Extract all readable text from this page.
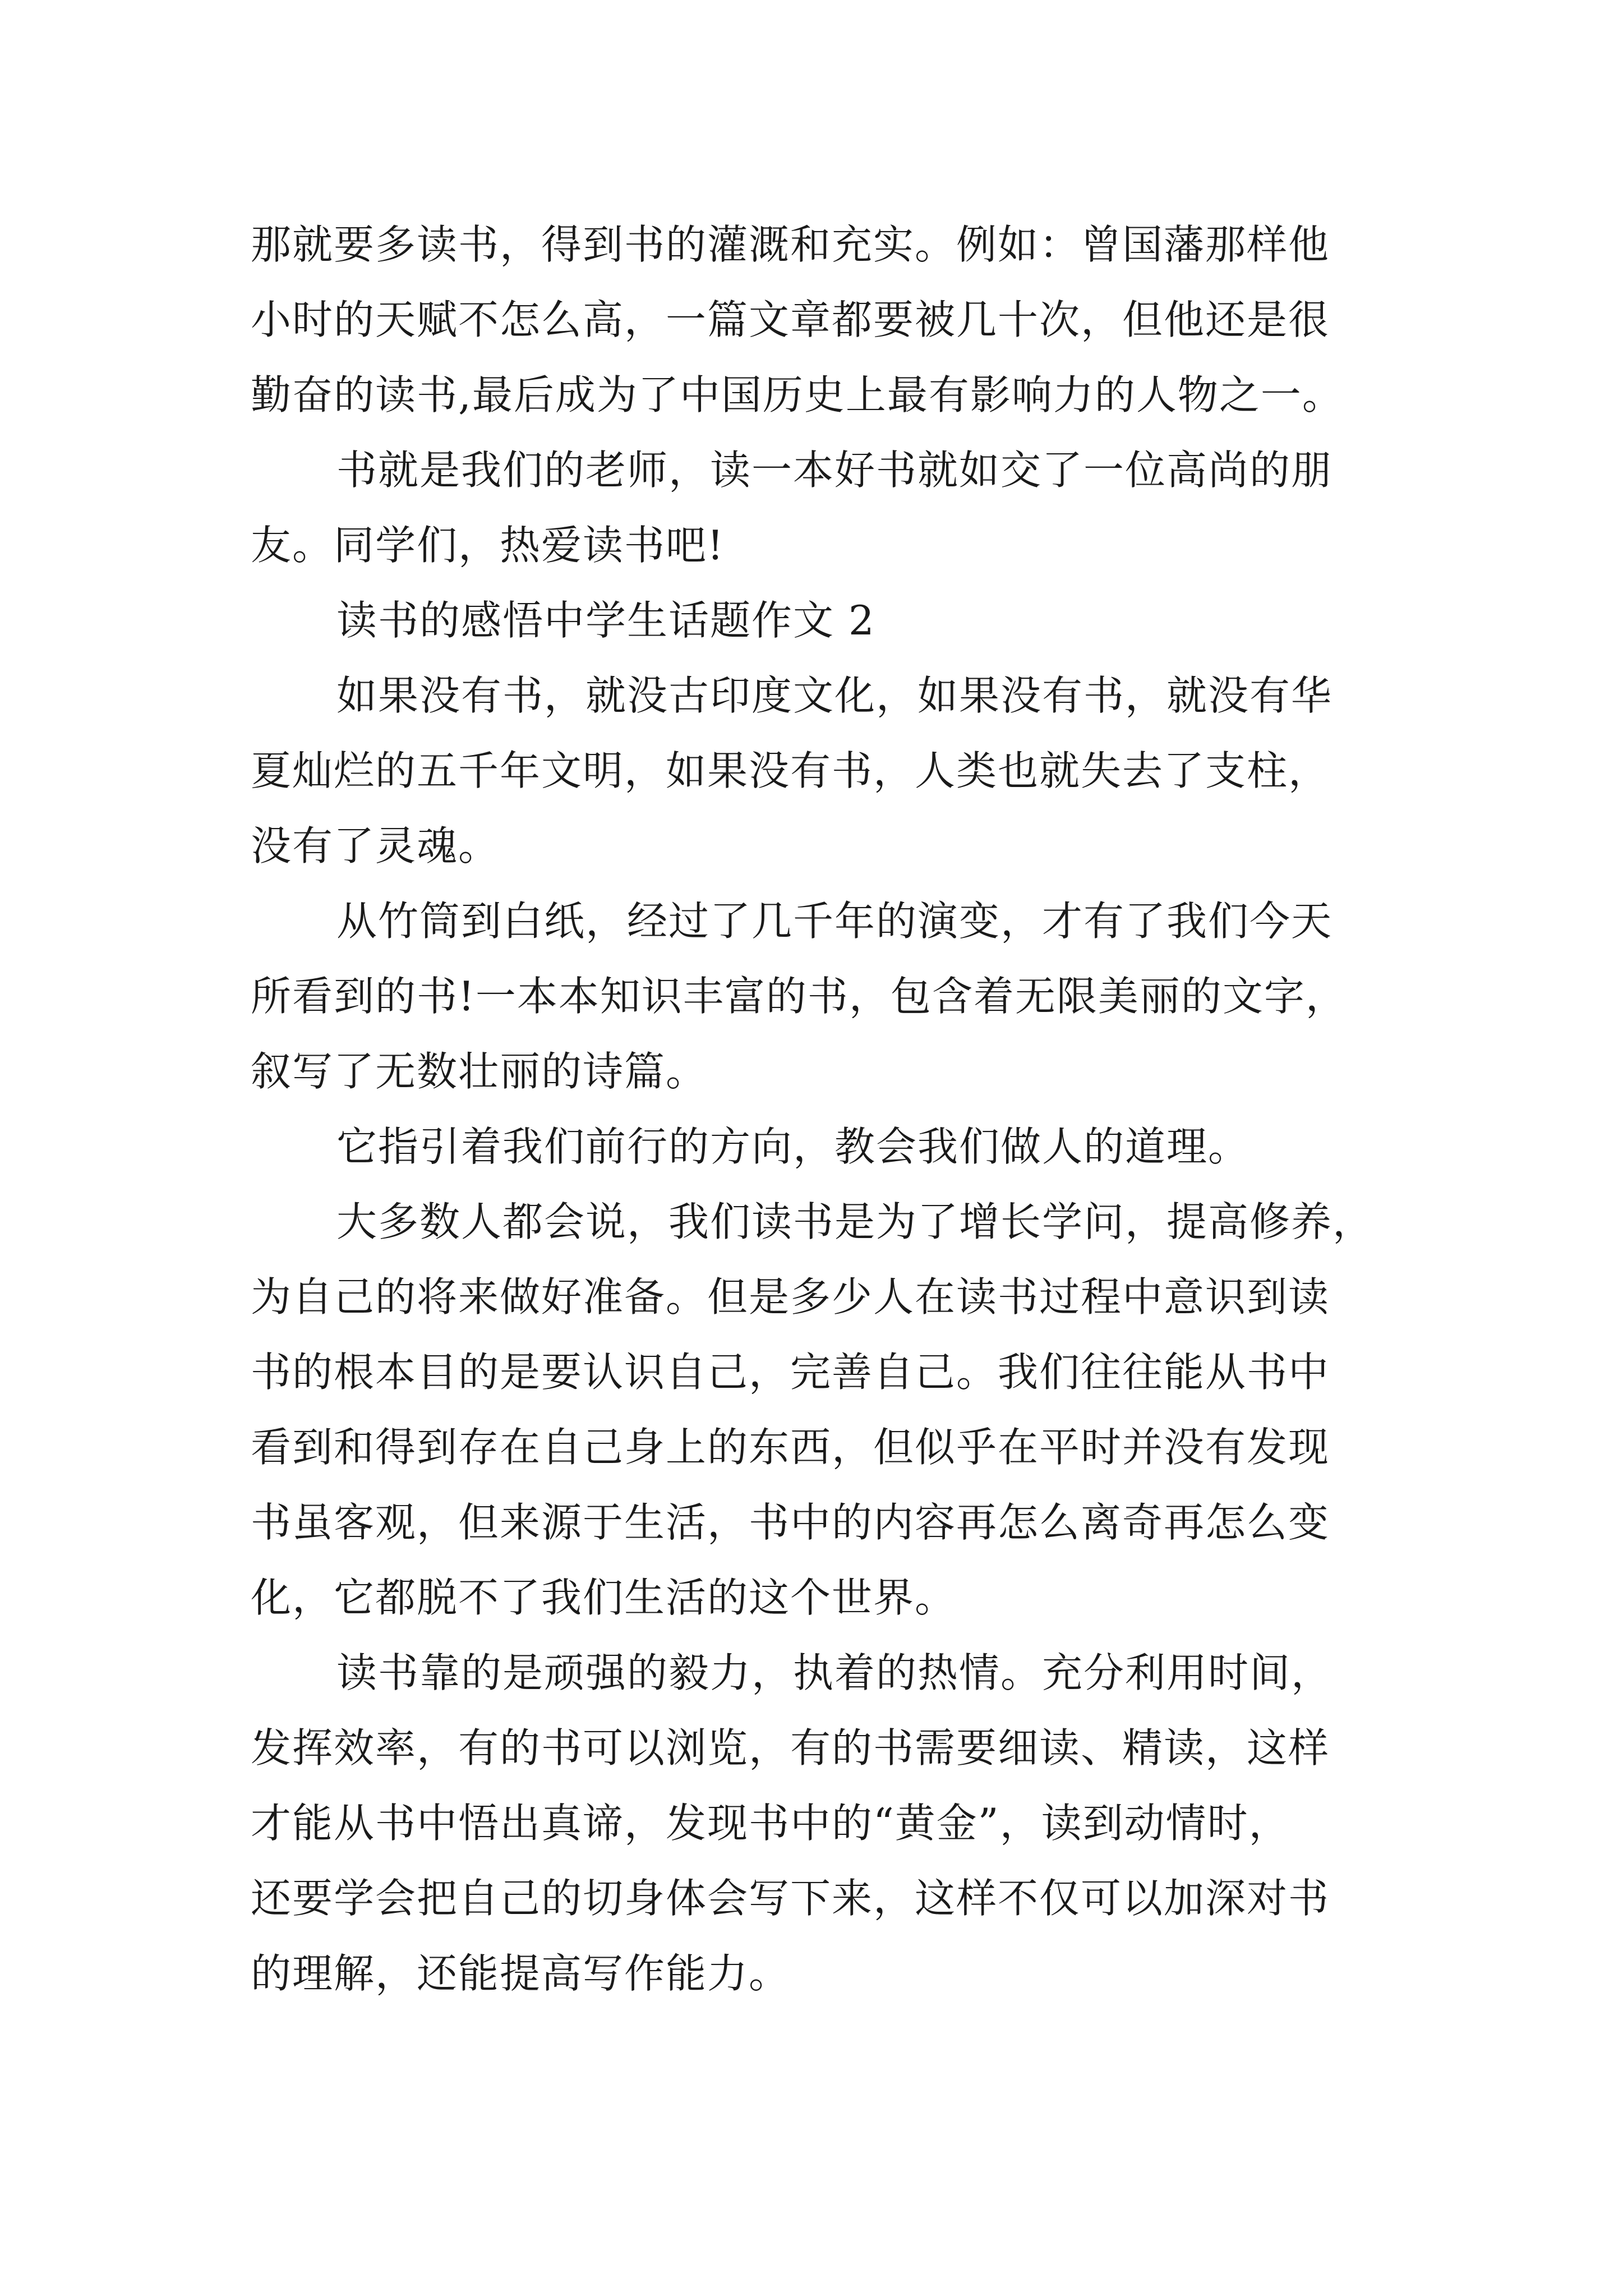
那就要多读书，得到书的灌溉和充实。例如：曾国藩那样他

小时的天赋不怎么高，一篇文章都要被几十次，但他还是很

勤奋的读书,最后成为了中国历史上最有影响力的人物之一。

书就是我们的老师，读一本好书就如交了一位高尚的朋

友。同学们，热爱读书吧!

读书的感悟中学生话题作文 2

如果没有书，就没古印度文化，如果没有书，就没有华

夏灿烂的五千年文明，如果没有书，人类也就失去了支柱，

没有了灵魂。

从竹筒到白纸，经过了几千年的演变，才有了我们今天

所看到的书!一本本知识丰富的书，包含着无限美丽的文字，

叙写了无数壮丽的诗篇。

它指引着我们前行的方向，教会我们做人的道理。

大多数人都会说，我们读书是为了增长学问，提高修养，

为自己的将来做好准备。但是多少人在读书过程中意识到读

书的根本目的是要认识自己，完善自己。我们往往能从书中

看到和得到存在自己身上的东西，但似乎在平时并没有发现

书虽客观，但来源于生活，书中的内容再怎么离奇再怎么变

化，它都脱不了我们生活的这个世界。

读书靠的是顽强的毅力，执着的热情。充分利用时间，

发挥效率，有的书可以浏览，有的书需要细读、精读，这样

才能从书中悟出真谛，发现书中的“黄金”，读到动情时，

还要学会把自己的切身体会写下来，这样不仅可以加深对书

的理解，还能提高写作能力。
